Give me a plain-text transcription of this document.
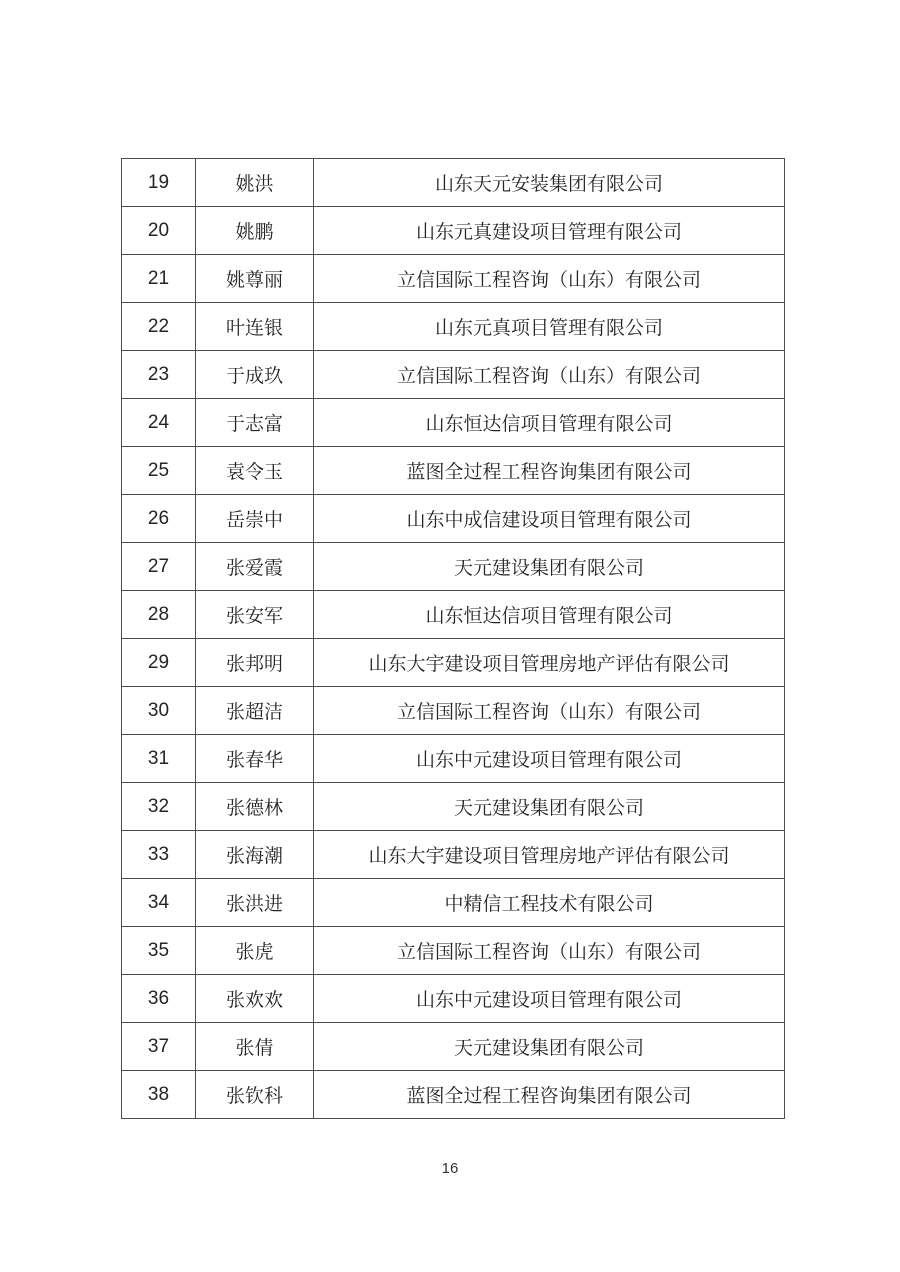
19	姚洪	山东天元安装集团有限公司
20	姚鹏	山东元真建设项目管理有限公司
21	姚尊丽	立信国际工程咨询（山东）有限公司
22	叶连银	山东元真项目管理有限公司
23	于成玖	立信国际工程咨询（山东）有限公司
24	于志富	山东恒达信项目管理有限公司
25	袁令玉	蓝图全过程工程咨询集团有限公司
26	岳崇中	山东中成信建设项目管理有限公司
27	张爱霞	天元建设集团有限公司
28	张安军	山东恒达信项目管理有限公司
29	张邦明	山东大宇建设项目管理房地产评估有限公司
30	张超洁	立信国际工程咨询（山东）有限公司
31	张春华	山东中元建设项目管理有限公司
32	张德林	天元建设集团有限公司
33	张海潮	山东大宇建设项目管理房地产评估有限公司
34	张洪进	中精信工程技术有限公司
35	张虎	立信国际工程咨询（山东）有限公司
36	张欢欢	山东中元建设项目管理有限公司
37	张倩	天元建设集团有限公司
38	张钦科	蓝图全过程工程咨询集团有限公司
16
